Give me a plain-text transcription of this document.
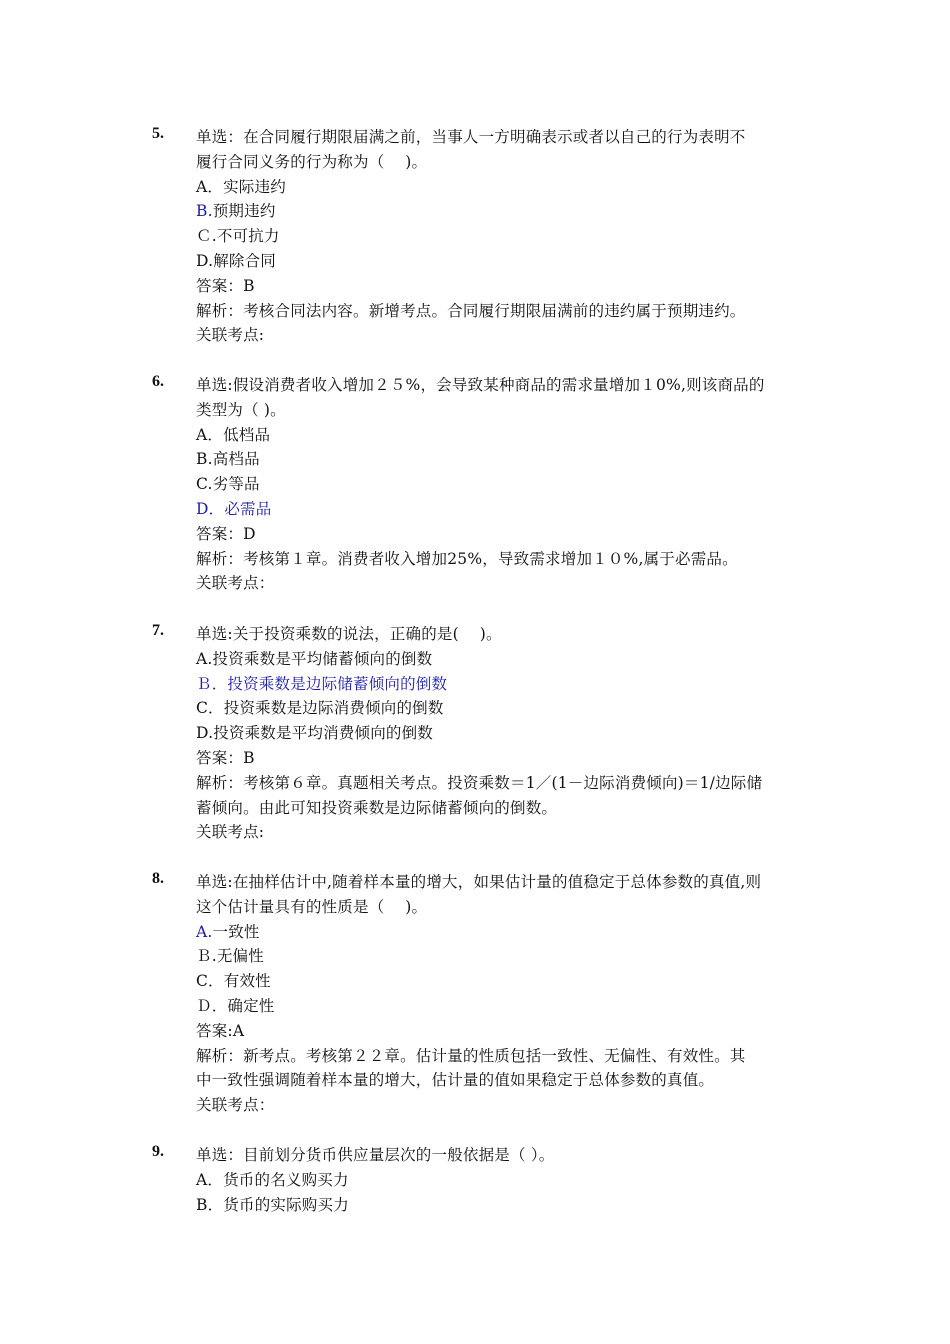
5. 单选：在合同履行期限届满之前，当事人一方明确表示或者以自己的行为表明不
履行合同义务的行为称为（　 )。
A．实际违约
B.预期违约
Ｃ.不可抗力
D.解除合同
答案：B
解析：考核合同法内容。新增考点。合同履行期限届满前的违约属于预期违约。
关联考点:
6. 单选:假设消费者收入增加２５%，会导致某种商品的需求量增加１0%,则该商品的
类型为（ )。
A．低档品
B.高档品
C.劣等品
D．必需品
答案：D
解析：考核第１章。消费者收入增加25%，导致需求增加１０%,属于必需品。
关联考点：
7. 单选:关于投资乘数的说法，正确的是(　 )。
A.投资乘数是平均储蓄倾向的倒数
Ｂ．投资乘数是边际储蓄倾向的倒数
C．投资乘数是边际消费倾向的倒数
D.投资乘数是平均消费倾向的倒数
答案：B
解析：考核第６章。真题相关考点。投资乘数＝1／(1－边际消费倾向)＝1/边际储
蓄倾向。由此可知投资乘数是边际储蓄倾向的倒数。
关联考点:
8. 单选:在抽样估计中,随着样本量的增大，如果估计量的值稳定于总体参数的真值,则
这个估计量具有的性质是（　 )。
A.一致性
Ｂ.无偏性
C．有效性
Ｄ．确定性
答案:A
解析：新考点。考核第２２章。估计量的性质包括一致性、无偏性、有效性。其
中一致性强调随着样本量的增大，估计量的值如果稳定于总体参数的真值。
关联考点：
9. 单选：目前划分货币供应量层次的一般依据是（ ）。
A．货币的名义购买力
B．货币的实际购买力
